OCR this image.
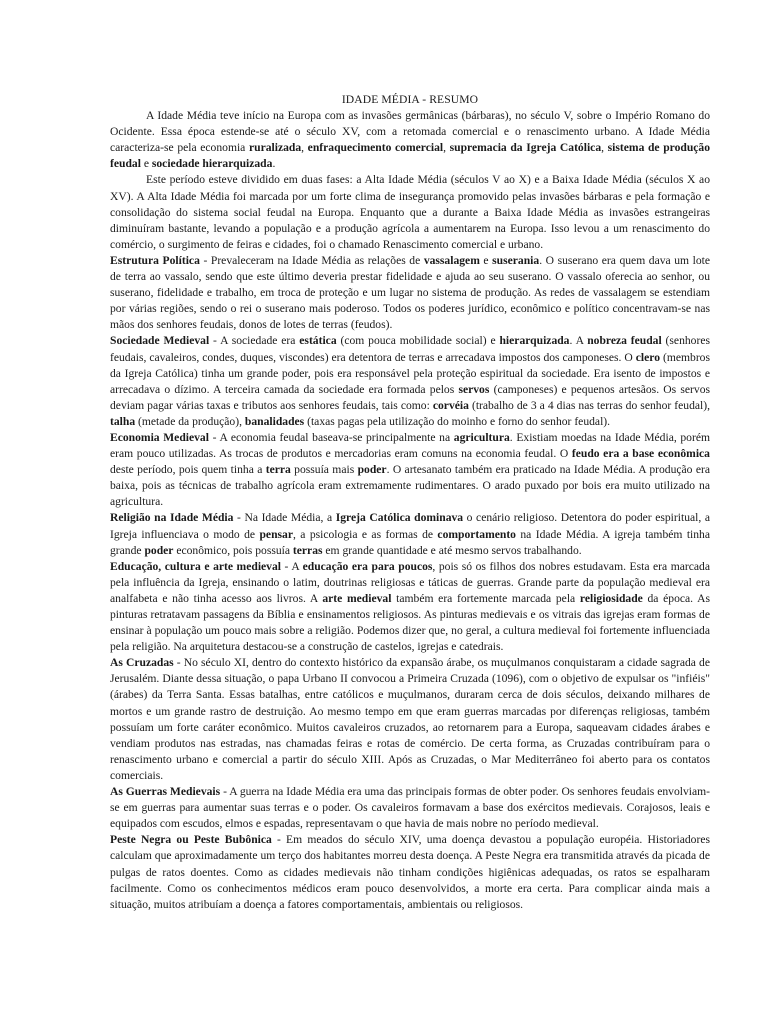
IDADE MÉDIA - RESUMO

A Idade Média teve início na Europa com as invasões germânicas (bárbaras), no século V, sobre o Império Romano do Ocidente. Essa época estende-se até o século XV, com a retomada comercial e o renascimento urbano. A Idade Média caracteriza-se pela economia ruralizada, enfraquecimento comercial, supremacia da Igreja Católica, sistema de produção feudal e sociedade hierarquizada.

Este período esteve dividido em duas fases: a Alta Idade Média (séculos V ao X) e a Baixa Idade Média (séculos X ao XV). A Alta Idade Média foi marcada por um forte clima de insegurança promovido pelas invasões bárbaras e pela formação e consolidação do sistema social feudal na Europa. Enquanto que a durante a Baixa Idade Média as invasões estrangeiras diminuíram bastante, levando a população e a produção agrícola a aumentarem na Europa. Isso levou a um renascimento do comércio, o surgimento de feiras e cidades, foi o chamado Renascimento comercial e urbano.

Estrutura Política - Prevaleceram na Idade Média as relações de vassalagem e suserania. O suserano era quem dava um lote de terra ao vassalo, sendo que este último deveria prestar fidelidade e ajuda ao seu suserano. O vassalo oferecia ao senhor, ou suserano, fidelidade e trabalho, em troca de proteção e um lugar no sistema de produção. As redes de vassalagem se estendiam por várias regiões, sendo o rei o suserano mais poderoso. Todos os poderes jurídico, econômico e político concentravam-se nas mãos dos senhores feudais, donos de lotes de terras (feudos).

Sociedade Medieval - A sociedade era estática (com pouca mobilidade social) e hierarquizada. A nobreza feudal (senhores feudais, cavaleiros, condes, duques, viscondes) era detentora de terras e arrecadava impostos dos camponeses. O clero (membros da Igreja Católica) tinha um grande poder, pois era responsável pela proteção espiritual da sociedade. Era isento de impostos e arrecadava o dízimo. A terceira camada da sociedade era formada pelos servos (camponeses) e pequenos artesãos. Os servos deviam pagar várias taxas e tributos aos senhores feudais, tais como: corvéia (trabalho de 3 a 4 dias nas terras do senhor feudal), talha (metade da produção), banalidades (taxas pagas pela utilização do moinho e forno do senhor feudal).

Economia Medieval - A economia feudal baseava-se principalmente na agricultura. Existiam moedas na Idade Média, porém eram pouco utilizadas. As trocas de produtos e mercadorias eram comuns na economia feudal. O feudo era a base econômica deste período, pois quem tinha a terra possuía mais poder. O artesanato também era praticado na Idade Média. A produção era baixa, pois as técnicas de trabalho agrícola eram extremamente rudimentares. O arado puxado por bois era muito utilizado na agricultura.

Religião na Idade Média - Na Idade Média, a Igreja Católica dominava o cenário religioso. Detentora do poder espiritual, a Igreja influenciava o modo de pensar, a psicologia e as formas de comportamento na Idade Média. A igreja também tinha grande poder econômico, pois possuía terras em grande quantidade e até mesmo servos trabalhando.

Educação, cultura e arte medieval - A educação era para poucos, pois só os filhos dos nobres estudavam. Esta era marcada pela influência da Igreja, ensinando o latim, doutrinas religiosas e táticas de guerras. Grande parte da população medieval era analfabeta e não tinha acesso aos livros. A arte medieval também era fortemente marcada pela religiosidade da época. As pinturas retratavam passagens da Bíblia e ensinamentos religiosos. As pinturas medievais e os vitrais das igrejas eram formas de ensinar à população um pouco mais sobre a religião. Podemos dizer que, no geral, a cultura medieval foi fortemente influenciada pela religião. Na arquitetura destacou-se a construção de castelos, igrejas e catedrais.

As Cruzadas - No século XI, dentro do contexto histórico da expansão árabe, os muçulmanos conquistaram a cidade sagrada de Jerusalém. Diante dessa situação, o papa Urbano II convocou a Primeira Cruzada (1096), com o objetivo de expulsar os "infiéis" (árabes) da Terra Santa. Essas batalhas, entre católicos e muçulmanos, duraram cerca de dois séculos, deixando milhares de mortos e um grande rastro de destruição. Ao mesmo tempo em que eram guerras marcadas por diferenças religiosas, também possuíam um forte caráter econômico. Muitos cavaleiros cruzados, ao retornarem para a Europa, saqueavam cidades árabes e vendiam produtos nas estradas, nas chamadas feiras e rotas de comércio. De certa forma, as Cruzadas contribuíram para o renascimento urbano e comercial a partir do século XIII. Após as Cruzadas, o Mar Mediterrâneo foi aberto para os contatos comerciais.

As Guerras Medievais - A guerra na Idade Média era uma das principais formas de obter poder. Os senhores feudais envolviam-se em guerras para aumentar suas terras e o poder. Os cavaleiros formavam a base dos exércitos medievais. Corajosos, leais e equipados com escudos, elmos e espadas, representavam o que havia de mais nobre no período medieval.

Peste Negra ou Peste Bubônica - Em meados do século XIV, uma doença devastou a população européia. Historiadores calculam que aproximadamente um terço dos habitantes morreu desta doença. A Peste Negra era transmitida através da picada de pulgas de ratos doentes. Como as cidades medievais não tinham condições higiênicas adequadas, os ratos se espalharam facilmente. Como os conhecimentos médicos eram pouco desenvolvidos, a morte era certa. Para complicar ainda mais a situação, muitos atribuíam a doença a fatores comportamentais, ambientais ou religiosos.
